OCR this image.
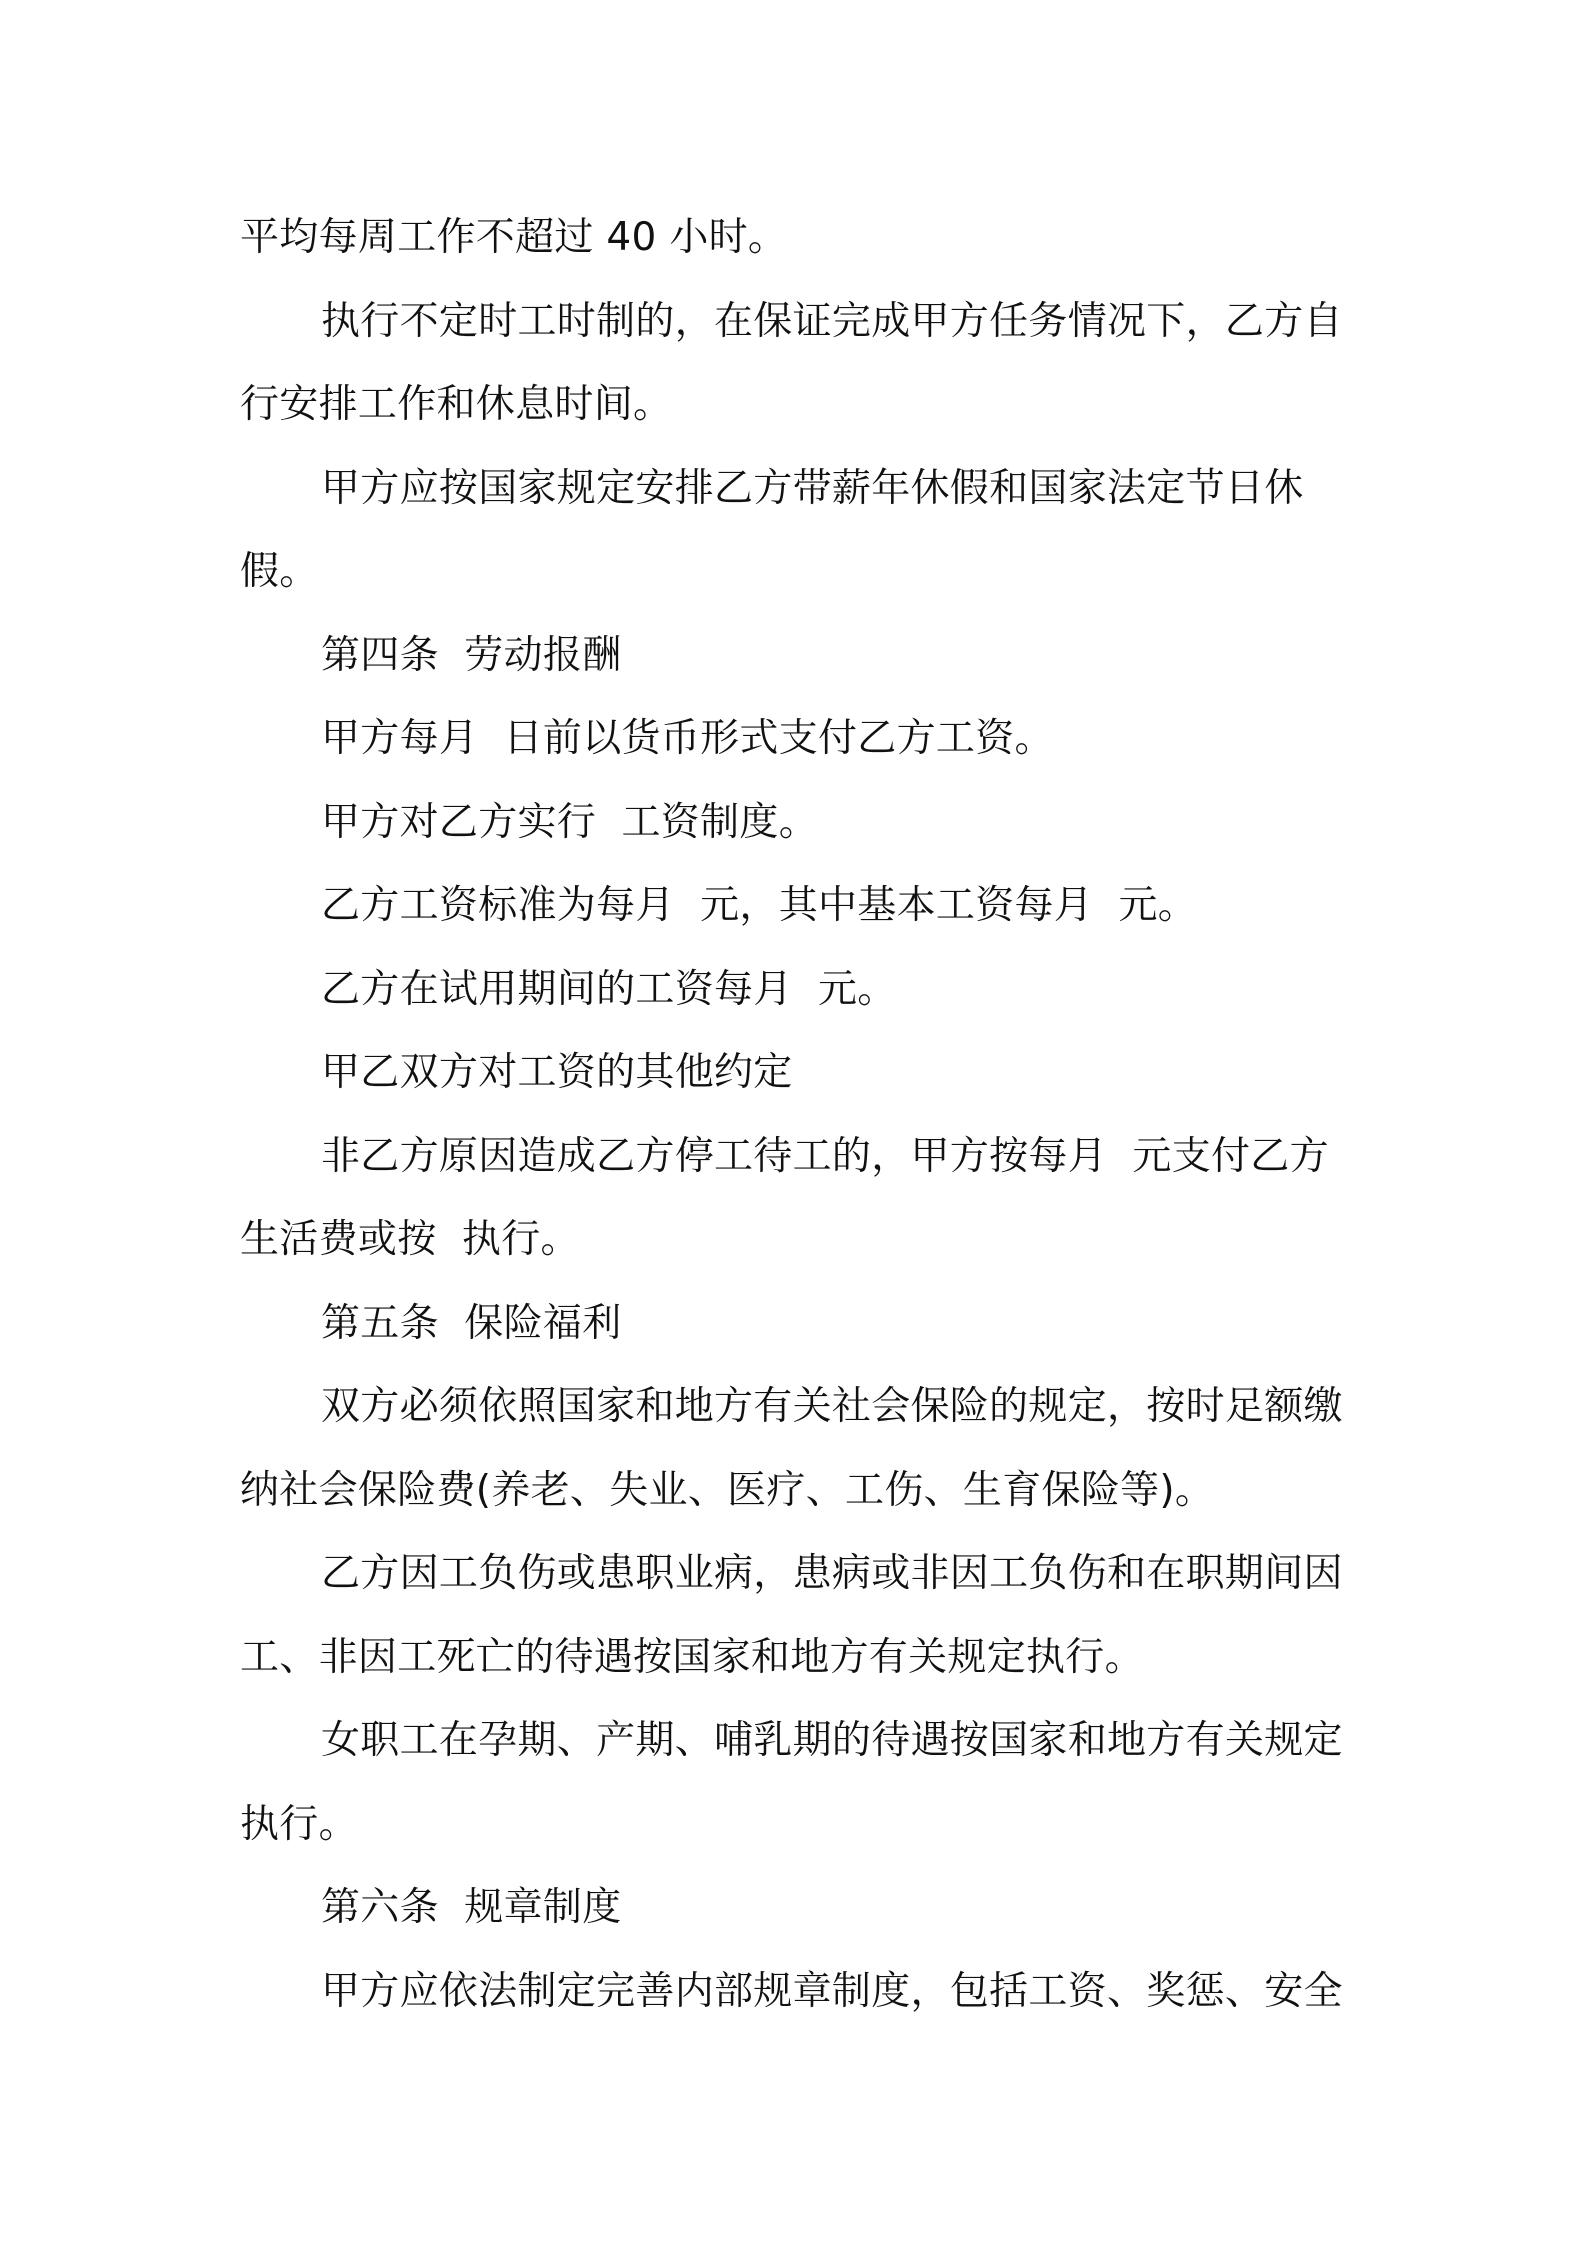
平均每周工作不超过 40 小时。
执行不定时工时制的，在保证完成甲方任务情况下，乙方自
行安排工作和休息时间。
甲方应按国家规定安排乙方带薪年休假和国家法定节日休
假。
第四条  劳动报酬
甲方每月  日前以货币形式支付乙方工资。
甲方对乙方实行  工资制度。
乙方工资标准为每月  元，其中基本工资每月  元。
乙方在试用期间的工资每月  元。
甲乙双方对工资的其他约定
非乙方原因造成乙方停工待工的，甲方按每月  元支付乙方
生活费或按  执行。
第五条  保险福利
双方必须依照国家和地方有关社会保险的规定，按时足额缴
纳社会保险费(养老、失业、医疗、工伤、生育保险等)。
乙方因工负伤或患职业病，患病或非因工负伤和在职期间因
工、非因工死亡的待遇按国家和地方有关规定执行。
女职工在孕期、产期、哺乳期的待遇按国家和地方有关规定
执行。
第六条  规章制度
甲方应依法制定完善内部规章制度，包括工资、奖惩、安全
